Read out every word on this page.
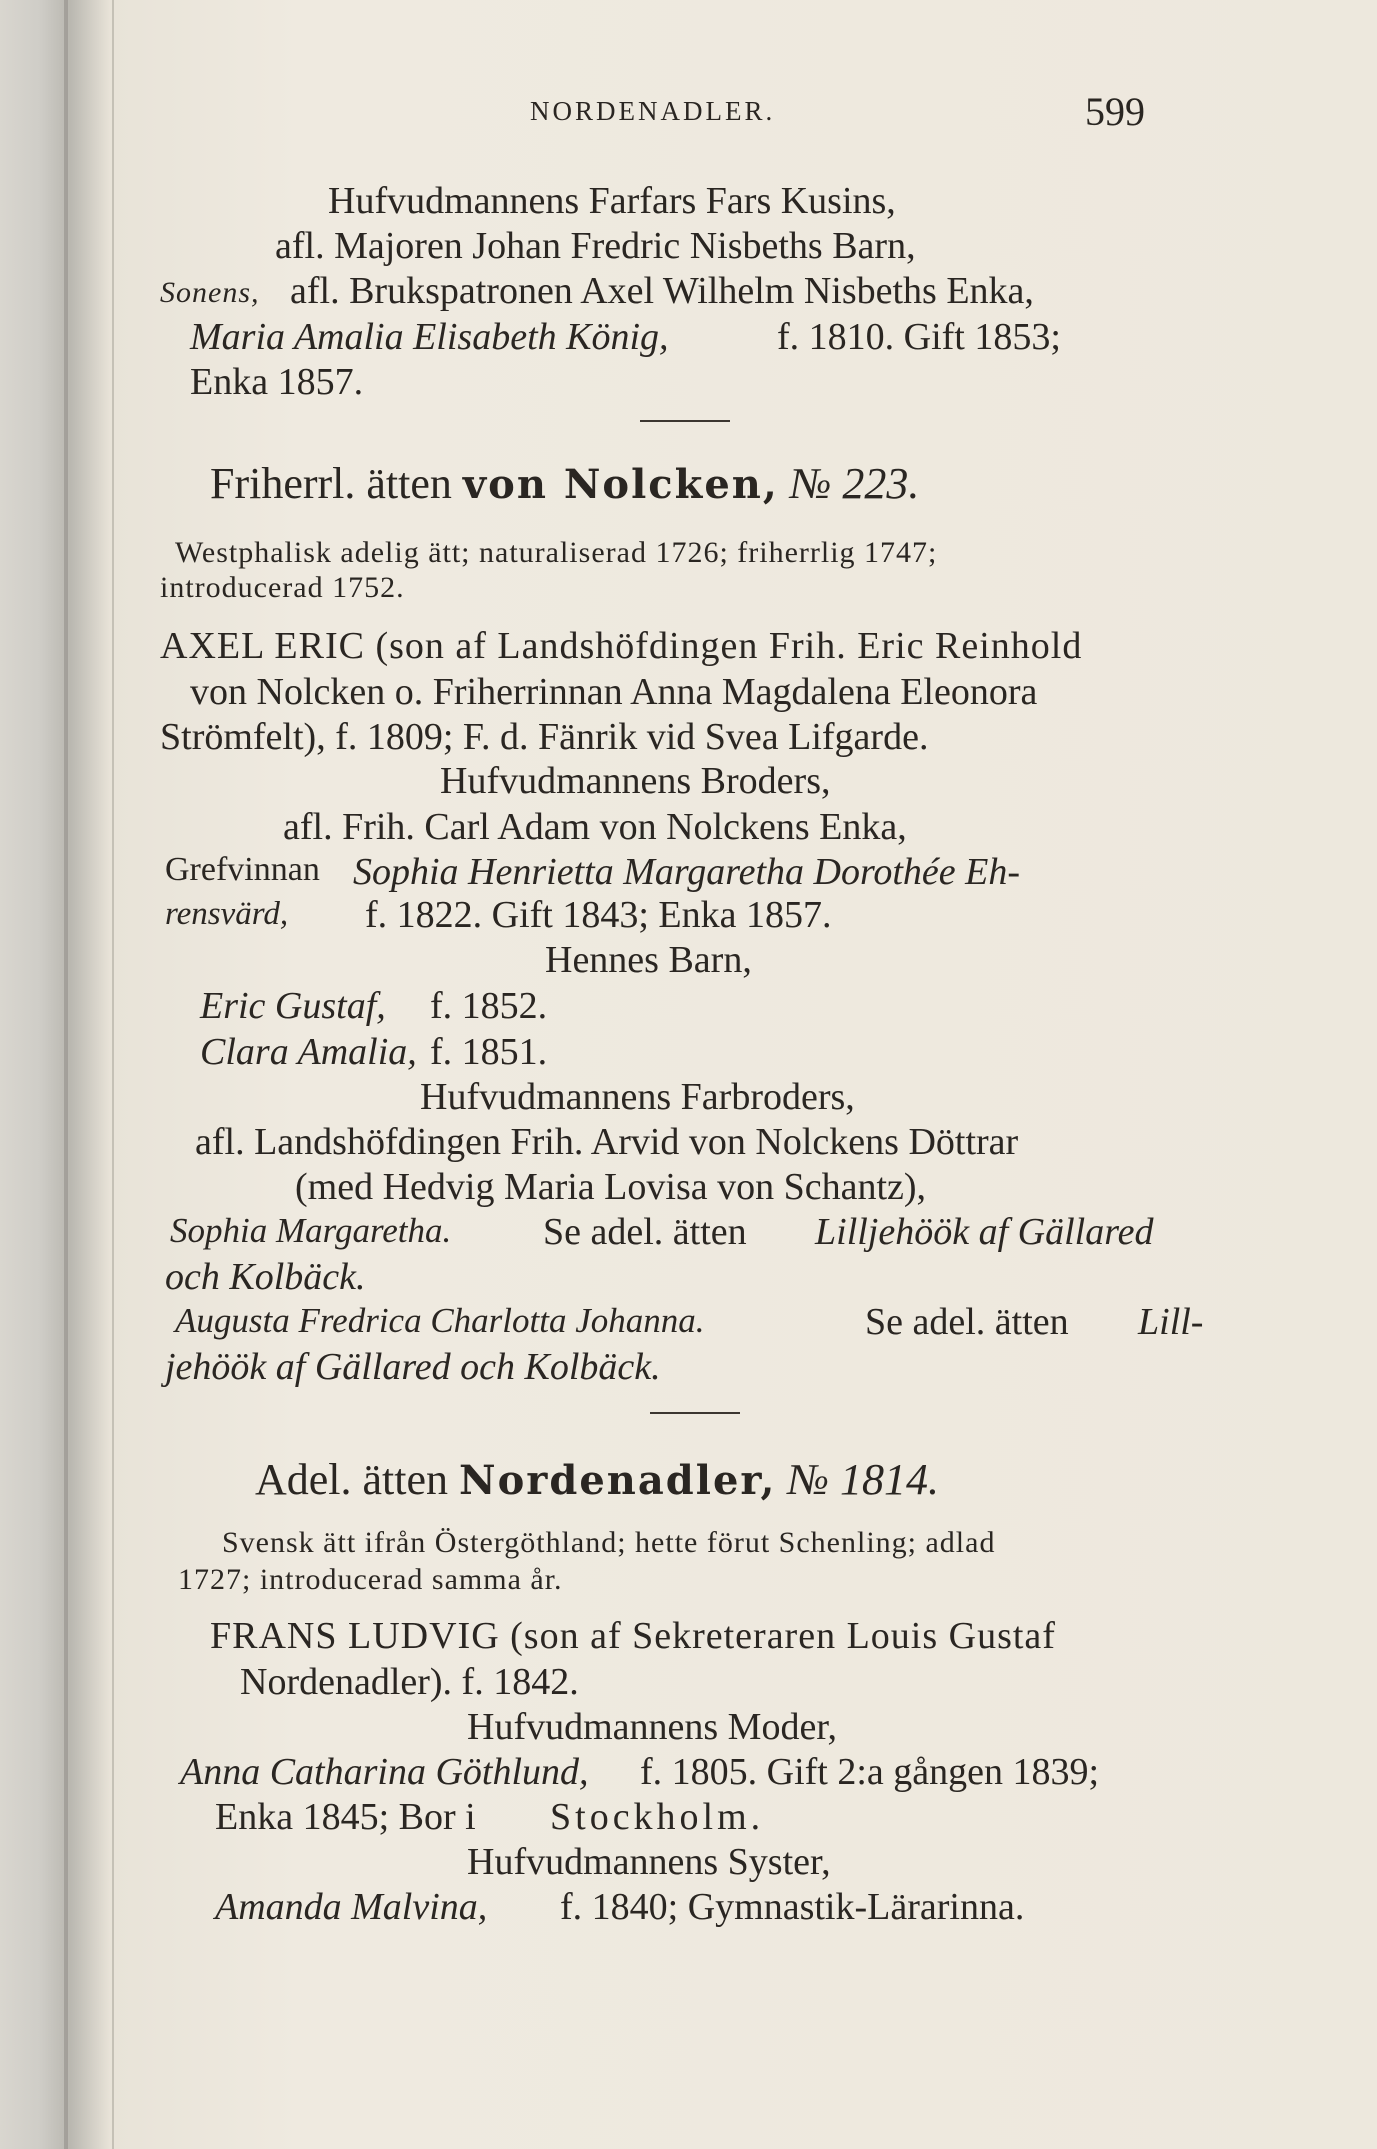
NORDENADLER.	599
Hufvudmannens Farfars Fars Kusins,
afl. Majoren Johan Fredric Nisbeths Barn,
Sonens, afl. Brukspatronen Axel Wilhelm Nisbeths Enka,
Maria Amalia Elisabeth König,	f. 1810. Gift 1853;
Enka 1857.
Friherrl. ätten von Nolcken, № 223.
Westphalisk adelig ätt; naturaliserad 1726; friherrlig 1747;
introducerad 1752.
AXEL ERIC (son af Landshöfdingen Frih. Eric Reinhold
von Nolcken o. Friherrinnan Anna Magdalena Eleonora
Strömfelt), f. 1809; F. d. Fänrik vid Svea Lifgarde.
Hufvudmannens Broders,
afl. Frih. Carl Adam von Nolckens Enka,
Grefvinnan Sophia Henrietta Margaretha Dorothée Eh-
rensvärd, f. 1822. Gift 1843; Enka 1857.
Hennes Barn,
Eric Gustaf, f. 1852.
Clara Amalia, f. 1851.
Hufvudmannens Farbroders,
afl. Landshöfdingen Frih. Arvid von Nolckens Döttrar
(med Hedvig Maria Lovisa von Schantz),
Sophia Margaretha. Se adel. ätten Lilljehöök af Gällared
och Kolbäck.
Augusta Fredrica Charlotta Johanna.	Se adel. ätten Lill-
jehöök af Gällared och Kolbäck.
Adel. ätten Nordenadler, № 1814.
Svensk ätt ifrån Östergöthland; hette förut Schenling; adlad
1727; introducerad samma år.
FRANS LUDVIG (son af Sekreteraren Louis Gustaf
Nordenadler). f. 1842.
Hufvudmannens Moder,
Anna Catharina Göthlund, f. 1805. Gift 2:a gången 1839;
Enka 1845; Bor i Stockholm.
Hufvudmannens Syster,
Amanda Malvina, f. 1840; Gymnastik-Lärarinna.
